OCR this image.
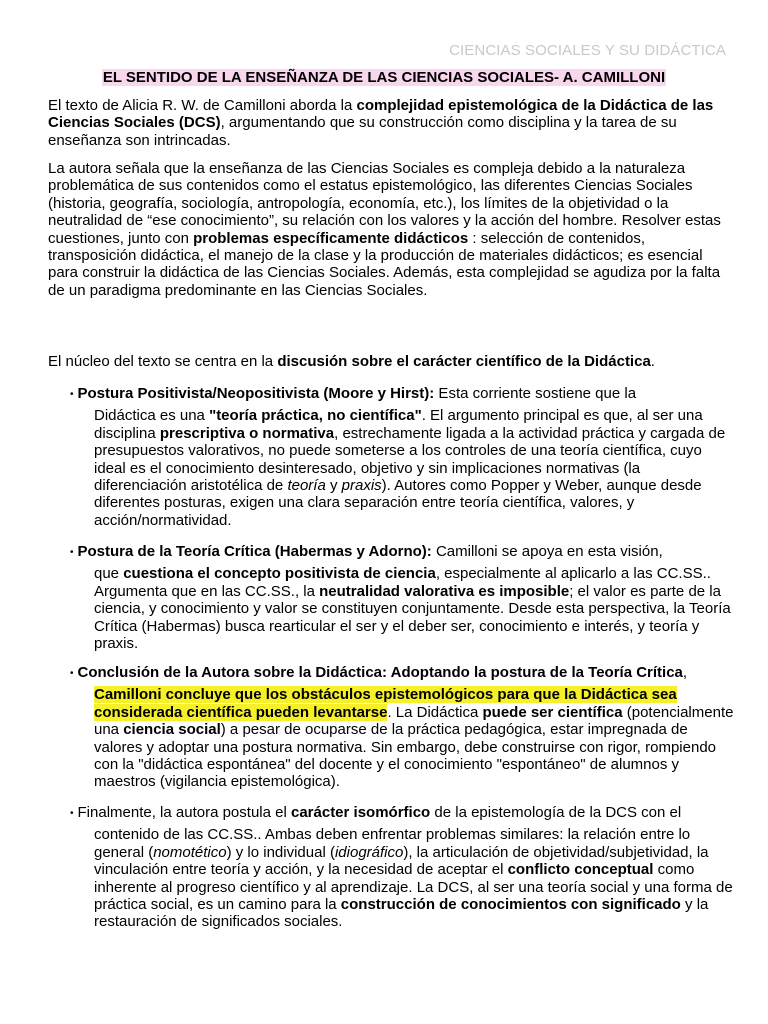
CIENCIAS SOCIALES Y SU DIDÁCTICA
EL SENTIDO DE LA ENSEÑANZA DE LAS CIENCIAS SOCIALES- A. CAMILLONI

El texto de Alicia R. W. de Camilloni aborda la complejidad epistemológica de la Didáctica de las Ciencias Sociales (DCS), argumentando que su construcción como disciplina y la tarea de su enseñanza son intrincadas.

La autora señala que la enseñanza de las Ciencias Sociales es compleja debido a la naturaleza problemática de sus contenidos como el estatus epistemológico, las diferentes Ciencias Sociales (historia, geografía, sociología, antropología, economía, etc.), los límites de la objetividad o la neutralidad de “ese conocimiento”, su relación con los valores y la acción del hombre. Resolver estas cuestiones, junto con problemas específicamente didácticos : selección de contenidos, transposición didáctica, el manejo de la clase y la producción de materiales didácticos; es esencial para construir la didáctica de las Ciencias Sociales. Además, esta complejidad se agudiza por la falta de un paradigma predominante en las Ciencias Sociales.

El núcleo del texto se centra en la discusión sobre el carácter científico de la Didáctica.

• Postura Positivista/Neopositivista (Moore y Hirst): Esta corriente sostiene que la

Didáctica es una "teoría práctica, no científica". El argumento principal es que, al ser una disciplina prescriptiva o normativa, estrechamente ligada a la actividad práctica y cargada de presupuestos valorativos, no puede someterse a los controles de una teoría científica, cuyo ideal es el conocimiento desinteresado, objetivo y sin implicaciones normativas (la diferenciación aristotélica de teoría y praxis). Autores como Popper y Weber, aunque desde diferentes posturas, exigen una clara separación entre teoría científica, valores, y acción/normatividad.

• Postura de la Teoría Crítica (Habermas y Adorno): Camilloni se apoya en esta visión,

que cuestiona el concepto positivista de ciencia, especialmente al aplicarlo a las CC.SS.. Argumenta que en las CC.SS., la neutralidad valorativa es imposible; el valor es parte de la ciencia, y conocimiento y valor se constituyen conjuntamente. Desde esta perspectiva, la Teoría Crítica (Habermas) busca rearticular el ser y el deber ser, conocimiento e interés, y teoría y praxis.

• Conclusión de la Autora sobre la Didáctica: Adoptando la postura de la Teoría Crítica,

Camilloni concluye que los obstáculos epistemológicos para que la Didáctica sea considerada científica pueden levantarse. La Didáctica puede ser científica (potencialmente una ciencia social) a pesar de ocuparse de la práctica pedagógica, estar impregnada de valores y adoptar una postura normativa. Sin embargo, debe construirse con rigor, rompiendo con la "didáctica espontánea" del docente y el conocimiento "espontáneo" de alumnos y maestros (vigilancia epistemológica).

• Finalmente, la autora postula el carácter isomórfico de la epistemología de la DCS con el

contenido de las CC.SS.. Ambas deben enfrentar problemas similares: la relación entre lo general (nomotético) y lo individual (idiográfico), la articulación de objetividad/subjetividad, la vinculación entre teoría y acción, y la necesidad de aceptar el conflicto conceptual como inherente al progreso científico y al aprendizaje. La DCS, al ser una teoría social y una forma de práctica social, es un camino para la construcción de conocimientos con significado y la restauración de significados sociales.
